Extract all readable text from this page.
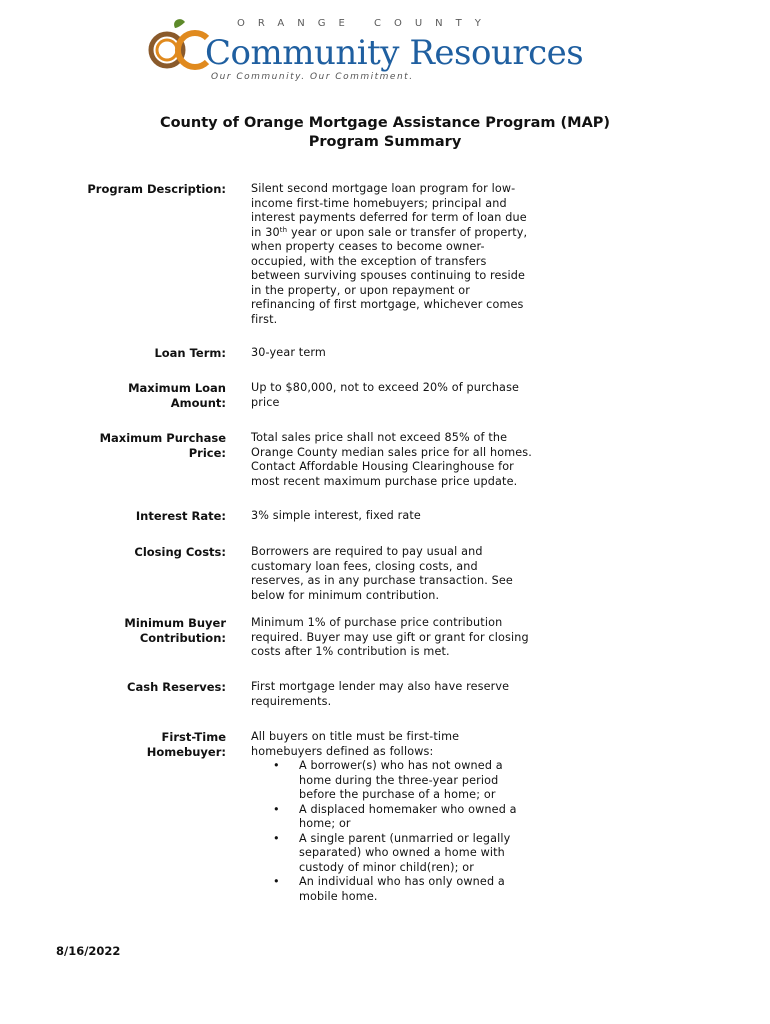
ORANGE COUNTY
Community Resources
Our Community. Our Commitment.
County of Orange Mortgage Assistance Program (MAP)
Program Summary
Program Description: Silent second mortgage loan program for low-
income first-time homebuyers; principal and
interest payments deferred for term of loan due
in 30th year or upon sale or transfer of property,
when property ceases to become owner-
occupied, with the exception of transfers
between surviving spouses continuing to reside
in the property, or upon repayment or
refinancing of first mortgage, whichever comes
first.
Loan Term: 30-year term
Maximum Loan
Amount:
Up to $80,000, not to exceed 20% of purchase
price
Maximum Purchase
Price:
Total sales price shall not exceed 85% of the
Orange County median sales price for all homes.
Contact Affordable Housing Clearinghouse for
most recent maximum purchase price update.
Interest Rate: 3% simple interest, fixed rate
Closing Costs: Borrowers are required to pay usual and
customary loan fees, closing costs, and
reserves, as in any purchase transaction. See
below for minimum contribution.
Minimum Buyer
Contribution:
Minimum 1% of purchase price contribution
required. Buyer may use gift or grant for closing
costs after 1% contribution is met.
Cash Reserves: First mortgage lender may also have reserve
requirements.
First-Time
Homebuyer:
All buyers on title must be first-time
homebuyers defined as follows:
• A borrower(s) who has not owned a
home during the three-year period
before the purchase of a home; or
• A displaced homemaker who owned a
home; or
• A single parent (unmarried or legally
separated) who owned a home with
custody of minor child(ren); or
• An individual who has only owned a
mobile home.
8/16/2022
